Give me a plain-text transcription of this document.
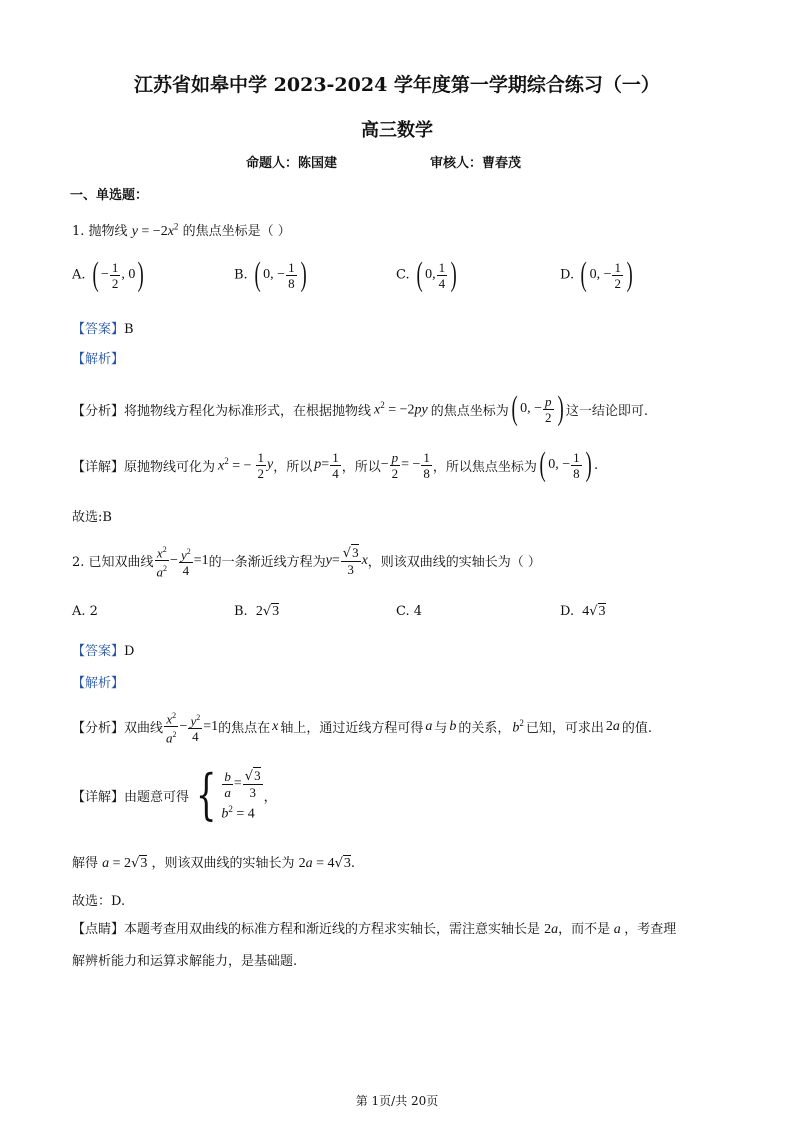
江苏省如皋中学 2023-2024 学年度第一学期综合练习（一）
高三数学
命题人：陈国建	审核人：曹春茂
一、单选题：
1. 抛物线 $y = -2x^2$ 的焦点坐标是（ ）
A. ( − $\frac{1}{2}$ , 0 )	B. ( 0, − $\frac{1}{8}$ )	C. ( 0, $\frac{1}{4}$ )	D. ( 0, − $\frac{1}{2}$ )
【答案】B
【解析】
【分析】 将抛物线方程化为标准形式，在根据抛物线 $x^2 = -2py$ 的焦点坐标为 ( 0, − $\frac{p}{2}$ ) 这一结论即可.
【详解】 原抛物线可化为 $x^2$ = − $\frac{1}{2}$ y ，所以 $p = \frac{1}{4}$ ，所以 − $\frac{p}{2}$ = − $\frac{1}{8}$ ，所以焦点坐标为 ( 0, − $\frac{1}{8}$ ) .
故选:B
2. 已知双曲线 $\frac{x^2}{a^2} - \frac{y^2}{4} =1$ 的一条渐近线方程为 $y = \frac{√3}{3}$ x ，则该双曲线的实轴长为（ ）
A. 2	B. 2√3	C. 4	D. 4√3
【答案】D
【解析】
【分析】 双曲线 $\frac{x^2}{a^2} - \frac{y^2}{4} =1$ 的焦点在 x 轴上，通过近线方程可得 a 与 b 的关系， $b^2$ 已知，可求出 2a 的值.
【详解】 由题意可得 { $\frac{b}{a} = \frac{√3}{3}$
$b^2 = 4$
，
解得 a = 2√3 ，则该双曲线的实轴长为 2a = 4√3.
故选：D.
【点睛】本题考查用双曲线的标准方程和渐近线的方程求实轴长，需注意实轴长是 2a，而不是 a ，考查理
解辨析能力和运算求解能力，是基础题.
第 1页/共 20页
